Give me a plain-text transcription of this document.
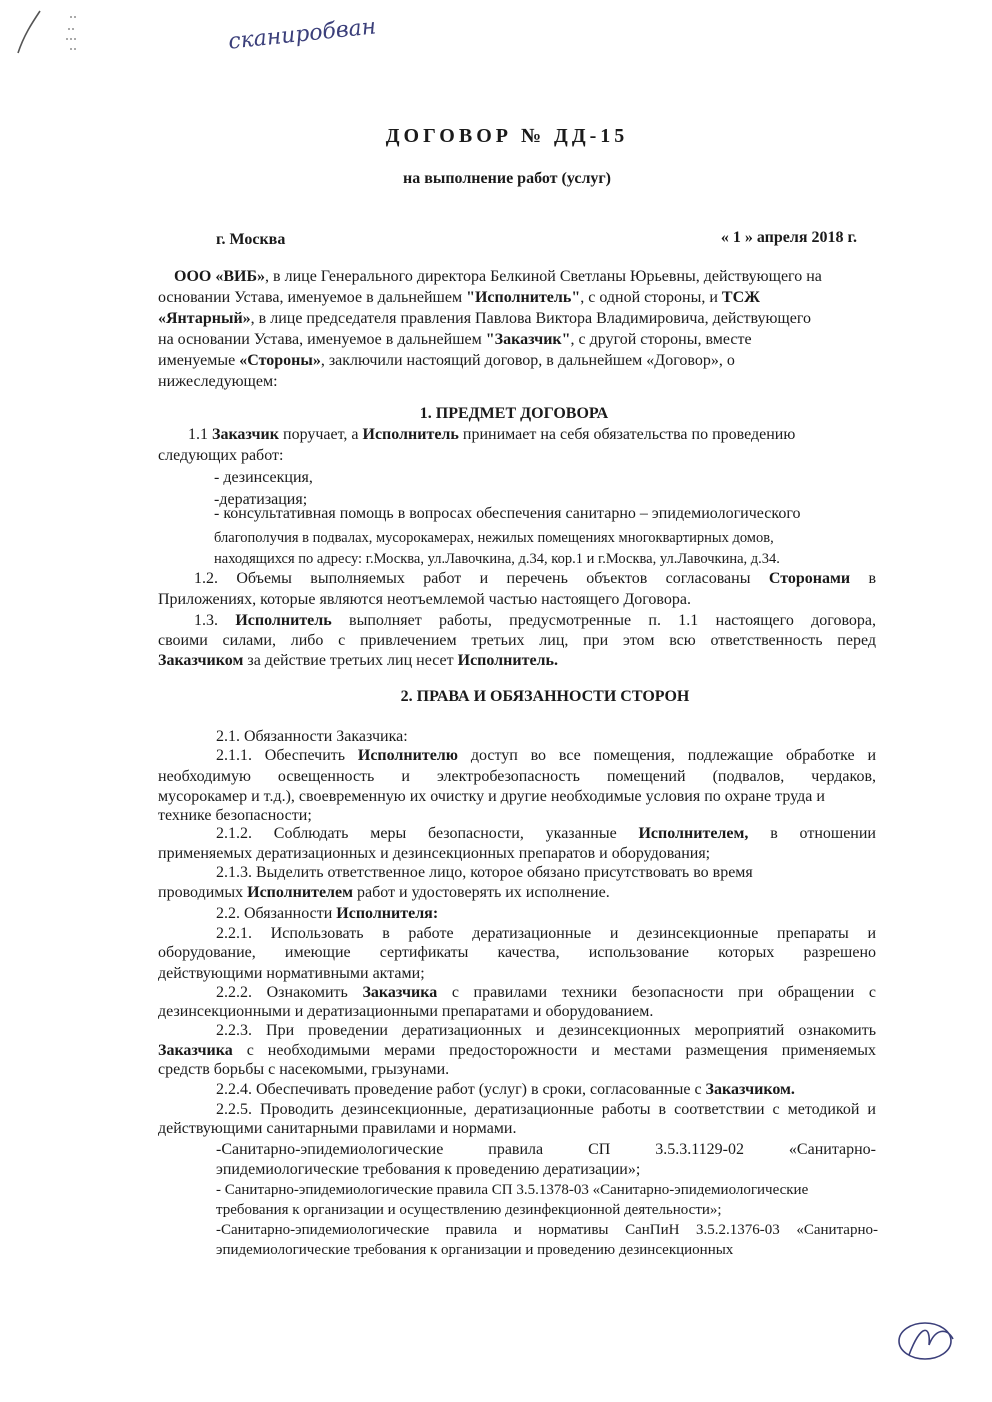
сканиробван
ДОГОВОР № ДД-15
на выполнение работ (услуг)
г. Москва	« 1 » апреля 2018 г.
ООО «ВИБ», в лице Генерального директора Белкиной Светланы Юрьевны, действующего на
основании Устава, именуемое в дальнейшем "Исполнитель", с одной стороны, и ТСЖ
«Янтарный», в лице председателя правления Павлова Виктора Владимировича, действующего
на основании Устава, именуемое в дальнейшем "Заказчик", с другой стороны, вместе
именуемые «Стороны», заключили настоящий договор, в дальнейшем «Договор», о
нижеследующем:
1. ПРЕДМЕТ ДОГОВОРА
1.1 Заказчик поручает, а Исполнитель принимает на себя обязательства по проведению
следующих работ:
- дезинсекция,
-дератизация;
- консультативная помощь в вопросах обеспечения санитарно – эпидемиологического
благополучия в подвалах, мусорокамерах, нежилых помещениях многоквартирных домов,
находящихся по адресу: г.Москва, ул.Лавочкина, д.34, кор.1 и г.Москва, ул.Лавочкина, д.34.
1.2. Объемы выполняемых работ и перечень объектов согласованы Сторонами в
Приложениях, которые являются неотъемлемой частью настоящего Договора.
1.3. Исполнитель выполняет работы, предусмотренные п. 1.1 настоящего договора,
своими силами, либо с привлечением третьих лиц, при этом всю ответственность перед
Заказчиком за действие третьих лиц несет Исполнитель.
2. ПРАВА И ОБЯЗАННОСТИ СТОРОН
2.1. Обязанности Заказчика:
2.1.1. Обеспечить Исполнителю доступ во все помещения, подлежащие обработке и
необходимую освещенность и электробезопасность помещений (подвалов, чердаков,
мусорокамер и т.д.), своевременную их очистку и другие необходимые условия по охране труда и
технике безопасности;
2.1.2. Соблюдать меры безопасности, указанные Исполнителем, в отношении
применяемых дератизационных и дезинсекционных препаратов и оборудования;
2.1.3. Выделить ответственное лицо, которое обязано присутствовать во время
проводимых Исполнителем работ и удостоверять их исполнение.
2.2. Обязанности Исполнителя:
2.2.1. Использовать в работе дератизационные и дезинсекционные препараты и
оборудование, имеющие сертификаты качества, использование которых разрешено
действующими нормативными актами;
2.2.2. Ознакомить Заказчика с правилами техники безопасности при обращении с
дезинсекционными и дератизационными препаратами и оборудованием.
2.2.3. При проведении дератизационных и дезинсекционных мероприятий ознакомить
Заказчика с необходимыми мерами предосторожности и местами размещения применяемых
средств борьбы с насекомыми, грызунами.
2.2.4. Обеспечивать проведение работ (услуг) в сроки, согласованные с Заказчиком.
2.2.5. Проводить дезинсекционные, дератизационные работы в соответствии с методикой и
действующими санитарными правилами и нормами.
-Санитарно-эпидемиологические правила СП 3.5.3.1129-02 «Санитарно-
эпидемиологические требования к проведению дератизации»;
- Санитарно-эпидемиологические правила СП 3.5.1378-03 «Санитарно-эпидемиологические
требования к организации и осуществлению дезинфекционной деятельности»;
-Санитарно-эпидемиологические правила и нормативы СанПиН 3.5.2.1376-03 «Санитарно-
эпидемиологические требования к организации и проведению дезинсекционных
